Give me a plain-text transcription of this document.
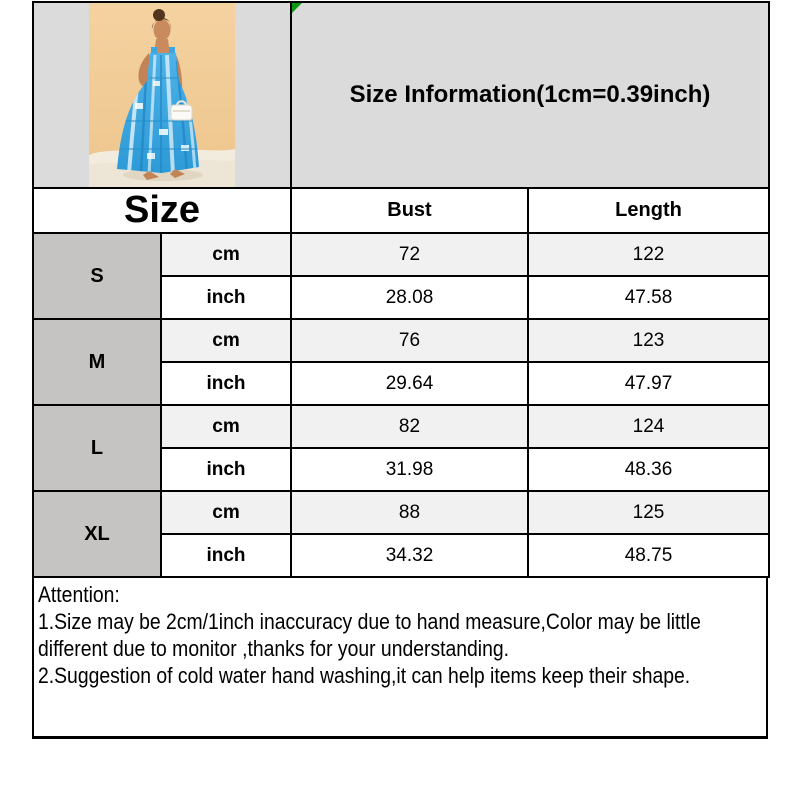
Size Information(1cm=0.39inch)	
Size		Bust	Length
S	cm	72	122
	inch	28.08	47.58
M	cm	76	123
	inch	29.64	47.97
L	cm	82	124
	inch	31.98	48.36
XL	cm	88	125
	inch	34.32	48.75
Attention:
1.Size may be 2cm/1inch inaccuracy due to hand measure,Color may be little
different due to monitor ,thanks for your understanding.
2.Suggestion of cold water hand washing,it can help items keep their shape.
